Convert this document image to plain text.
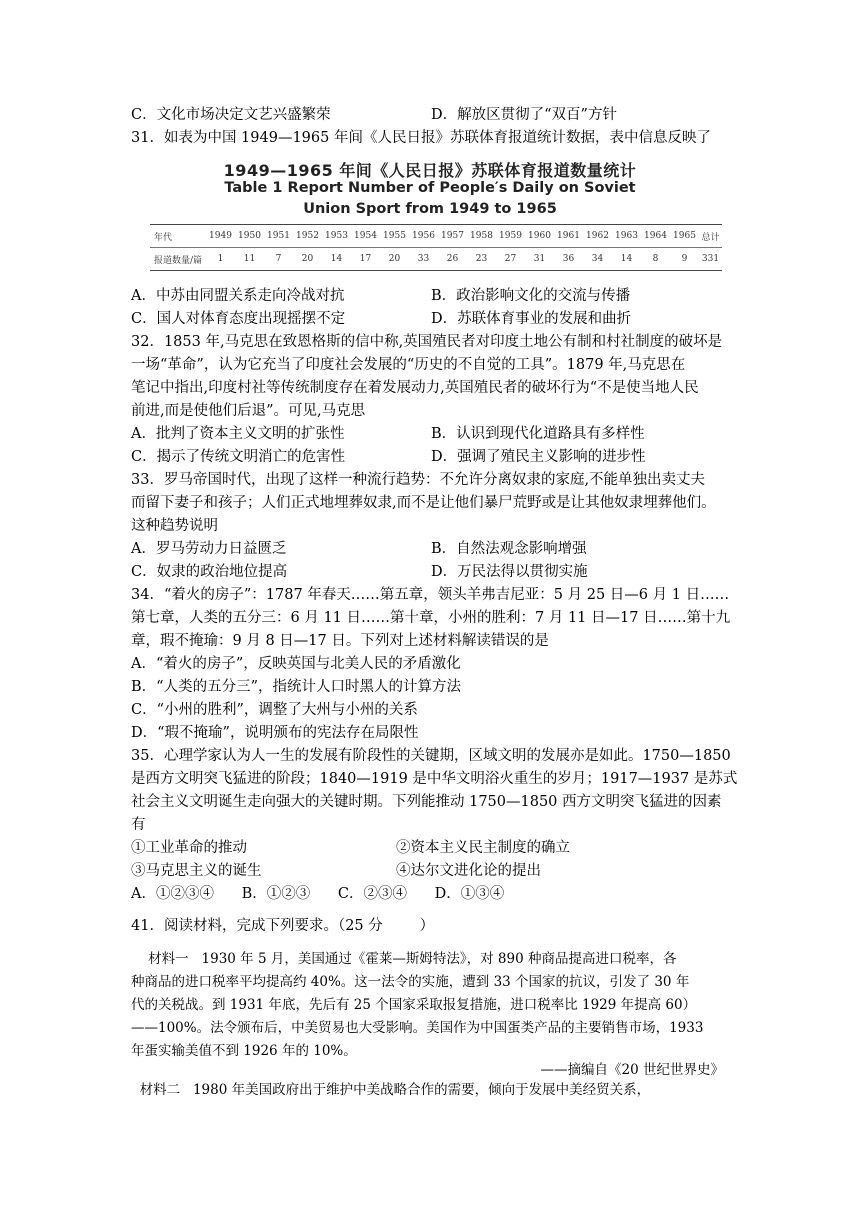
C．文化市场决定文艺兴盛繁荣	D．解放区贯彻了“双百”方针
31．如表为中国 1949—1965 年间《人民日报》苏联体育报道统计数据，表中信息反映了
1949—1965 年间《人民日报》苏联体育报道数量统计
Table 1 Report Number of People′s Daily on Soviet
Union Sport from 1949 to 1965
年代	1949	1950	1951	1952	1953	1954	1955	1956	1957	1958	1959	1960	1961	1962	1963	1964	1965	总计
报道数量/篇	1	11	7	20	14	17	20	33	26	23	27	31	36	34	14	8	9	331
A．中苏由同盟关系走向冷战对抗	B．政治影响文化的交流与传播
C．国人对体育态度出现摇摆不定	D．苏联体育事业的发展和曲折
32．1853 年,马克思在致恩格斯的信中称,英国殖民者对印度土地公有制和村社制度的破坏是
一场“革命”，认为它充当了印度社会发展的“历史的不自觉的工具”。1879 年,马克思在
笔记中指出,印度村社等传统制度存在着发展动力,英国殖民者的破坏行为“不是使当地人民
前进,而是使他们后退”。可见,马克思
A．批判了资本主义文明的扩张性	B．认识到现代化道路具有多样性
C．揭示了传统文明消亡的危害性	D．强调了殖民主义影响的进步性
33．罗马帝国时代，出现了这样一种流行趋势：不允许分离奴隶的家庭,不能单独出卖丈夫
而留下妻子和孩子；人们正式地埋葬奴隶,而不是让他们暴尸荒野或是让其他奴隶埋葬他们。
这种趋势说明
A．罗马劳动力日益匮乏	B．自然法观念影响增强
C．奴隶的政治地位提高	D．万民法得以贯彻实施
34．“着火的房子”：1787 年春天……第五章，领头羊弗吉尼亚：5 月 25 日—6 月 1 日……
第七章，人类的五分三：6 月 11 日……第十章，小州的胜利：7 月 11 日—17 日……第十九
章，瑕不掩瑜：9 月 8 日—17 日。下列对上述材料解读错误的是
A．“着火的房子”，反映英国与北美人民的矛盾激化
B．“人类的五分三”，指统计人口时黑人的计算方法
C．“小州的胜利”，调整了大州与小州的关系
D．“瑕不掩瑜”，说明颁布的宪法存在局限性
35．心理学家认为人一生的发展有阶段性的关键期，区域文明的发展亦是如此。1750—1850
是西方文明突飞猛进的阶段；1840—1919 是中华文明浴火重生的岁月；1917—1937 是苏式
社会主义文明诞生走向强大的关键时期。下列能推动 1750—1850 西方文明突飞猛进的因素
有
①工业革命的推动	②资本主义民主制度的确立
③马克思主义的诞生	④达尔文进化论的提出
A．①②③④      B．①②③      C．②③④      D．①③④
41．阅读材料，完成下列要求。（25 分        ）
材料一   1930 年 5 月，美国通过《霍莱—斯姆特法》，对 890 种商品提高进口税率，各
种商品的进口税率平均提高约 40%。这一法令的实施，遭到 33 个国家的抗议，引发了 30 年
代的关税战。到 1931 年底，先后有 25 个国家采取报复措施，进口税率比 1929 年提高 60）
——100%。法令颁布后，中美贸易也大受影响。美国作为中国蛋类产品的主要销售市场，1933
年蛋实输美值不到 1926 年的 10%。
——摘编自《20 世纪世界史》
材料二   1980 年美国政府出于维护中美战略合作的需要，倾向于发展中美经贸关系，
